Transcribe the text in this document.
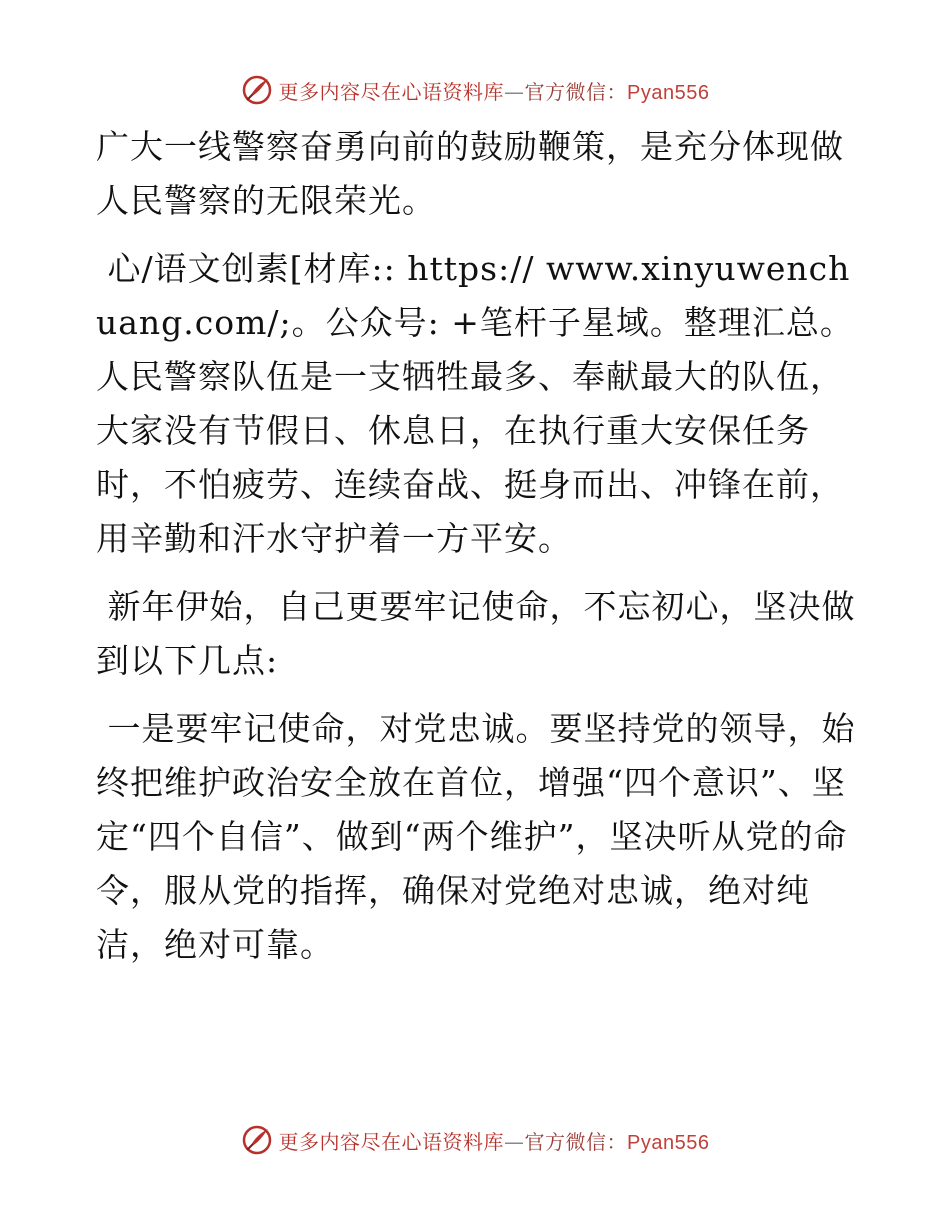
更多内容尽在心语资料库—官方微信：Pyan556

广大一线警察奋勇向前的鼓励鞭策，是充分体现做人民警察的无限荣光。

心/语文创素[材库:: https:// www.xinyuwenchuang.com/;。公众号: +笔杆子星域。整理汇总。人民警察队伍是一支牺牲最多、奉献最大的队伍，大家没有节假日、休息日，在执行重大安保任务时，不怕疲劳、连续奋战、挺身而出、冲锋在前，用辛勤和汗水守护着一方平安。

新年伊始，自己更要牢记使命，不忘初心，坚决做到以下几点:

一是要牢记使命，对党忠诚。要坚持党的领导，始终把维护政治安全放在首位，增强“四个意识”、坚定“四个自信”、做到“两个维护”，坚决听从党的命令，服从党的指挥，确保对党绝对忠诚，绝对纯洁，绝对可靠。

更多内容尽在心语资料库—官方微信：Pyan556
